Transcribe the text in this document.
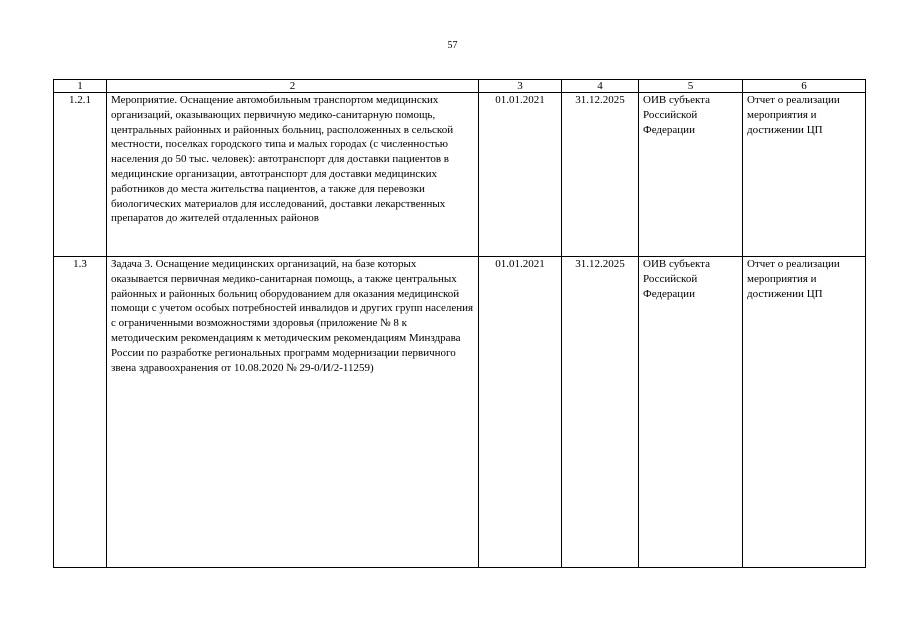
57
1	2	3	4	5	6
1.2.1	Мероприятие. Оснащение автомобильным транспортом медицинских организаций, оказывающих первичную медико-санитарную помощь, центральных районных и районных больниц, расположенных в сельской местности, поселках городского типа и малых городах (с численностью населения до 50 тыс. человек): автотранспорт для доставки пациентов в медицинские организации, автотранспорт для доставки медицинских работников до места жительства пациентов, а также для перевозки биологических материалов для исследований, доставки лекарственных препаратов до жителей отдаленных районов	01.01.2021	31.12.2025	ОИВ субъекта Российской Федерации	Отчет о реализации мероприятия и достижении ЦП
1.3	Задача 3. Оснащение медицинских организаций, на базе которых оказывается первичная медико-санитарная помощь, а также центральных районных и районных больниц оборудованием для оказания медицинской помощи с учетом особых потребностей инвалидов и других групп населения с ограниченными возможностями здоровья (приложение № 8 к методическим рекомендациям к методическим рекомендациям Минздрава России по разработке региональных программ модернизации первичного звена здравоохранения от 10.08.2020 № 29-0/И/2-11259)	01.01.2021	31.12.2025	ОИВ субъекта Российской Федерации	Отчет о реализации мероприятия и достижении ЦП
